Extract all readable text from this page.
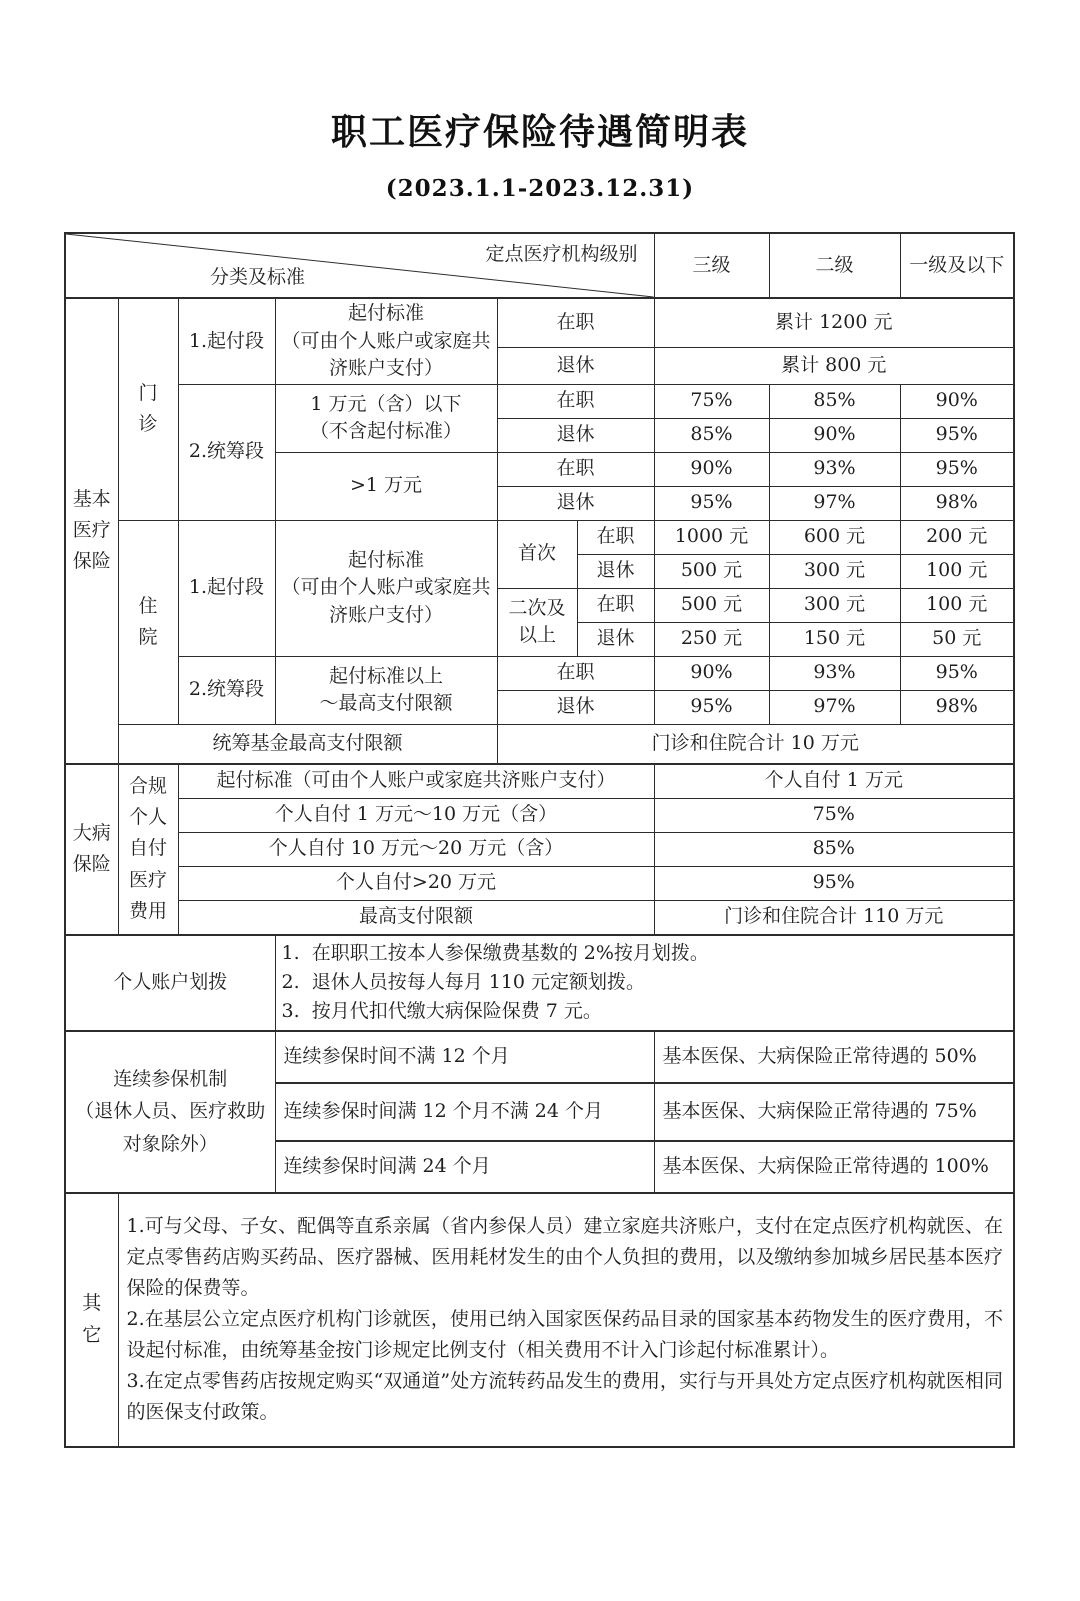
职工医疗保险待遇简明表
(2023.1.1-2023.12.31)
定点医疗机构级别
分类及标准						三级	二级	一级及以下
基本医疗保险	门诊	1.起付段	起付标准
（可由个人账户或家庭共济账户支付）	在职		累计 1200 元		
				退休		累计 800 元		
		2.统筹段	1 万元（含）以下
（不含起付标准）	在职		75%	85%	90%
				退休		85%	90%	95%
			>1 万元	在职		90%	93%	95%
				退休		95%	97%	98%
	住院	1.起付段	起付标准
（可由个人账户或家庭共济账户支付）	首次	在职	1000 元	600 元	200 元
					退休	500 元	300 元	100 元
				二次及以上	在职	500 元	300 元	100 元
					退休	250 元	150 元	50 元
		2.统筹段	起付标准以上
～最高支付限额	在职		90%	93%	95%
				退休		95%	97%	98%
	统筹基金最高支付限额			门诊和住院合计 10 万元				
大病保险	合规个人自付医疗费用	起付标准（可由个人账户或家庭共济账户支付）				个人自付 1 万元		
		个人自付 1 万元～10 万元（含）				75%		
		个人自付 10 万元～20 万元（含）				85%		
		个人自付>20 万元				95%		
		最高支付限额				门诊和住院合计 110 万元		
个人账户划拨			1.  在职职工按本人参保缴费基数的 2%按月划拨。
2.  退休人员按每人每月 110 元定额划拨。
3.  按月代扣代缴大病保险保费 7 元。					

连续参保机制
（退休人员、医疗救助对象除外）			连续参保时间不满 12 个月			基本医保、大病保险正常待遇的 50%		
			连续参保时间满 12 个月不满 24 个月			基本医保、大病保险正常待遇的 75%		
			连续参保时间满 24 个月			基本医保、大病保险正常待遇的 100%		
其它	1.可与父母、子女、配偶等直系亲属（省内参保人员）建立家庭共济账户，支付在定点医疗机构就医、在定点零售药店购买药品、医疗器械、医用耗材发生的由个人负担的费用，以及缴纳参加城乡居民基本医疗保险的保费等。
2.在基层公立定点医疗机构门诊就医，使用已纳入国家医保药品目录的国家基本药物发生的医疗费用，不设起付标准，由统筹基金按门诊规定比例支付（相关费用不计入门诊起付标准累计）。
3.在定点零售药店按规定购买“双通道”处方流转药品发生的费用，实行与开具处方定点医疗机构就医相同的医保支付政策。							
